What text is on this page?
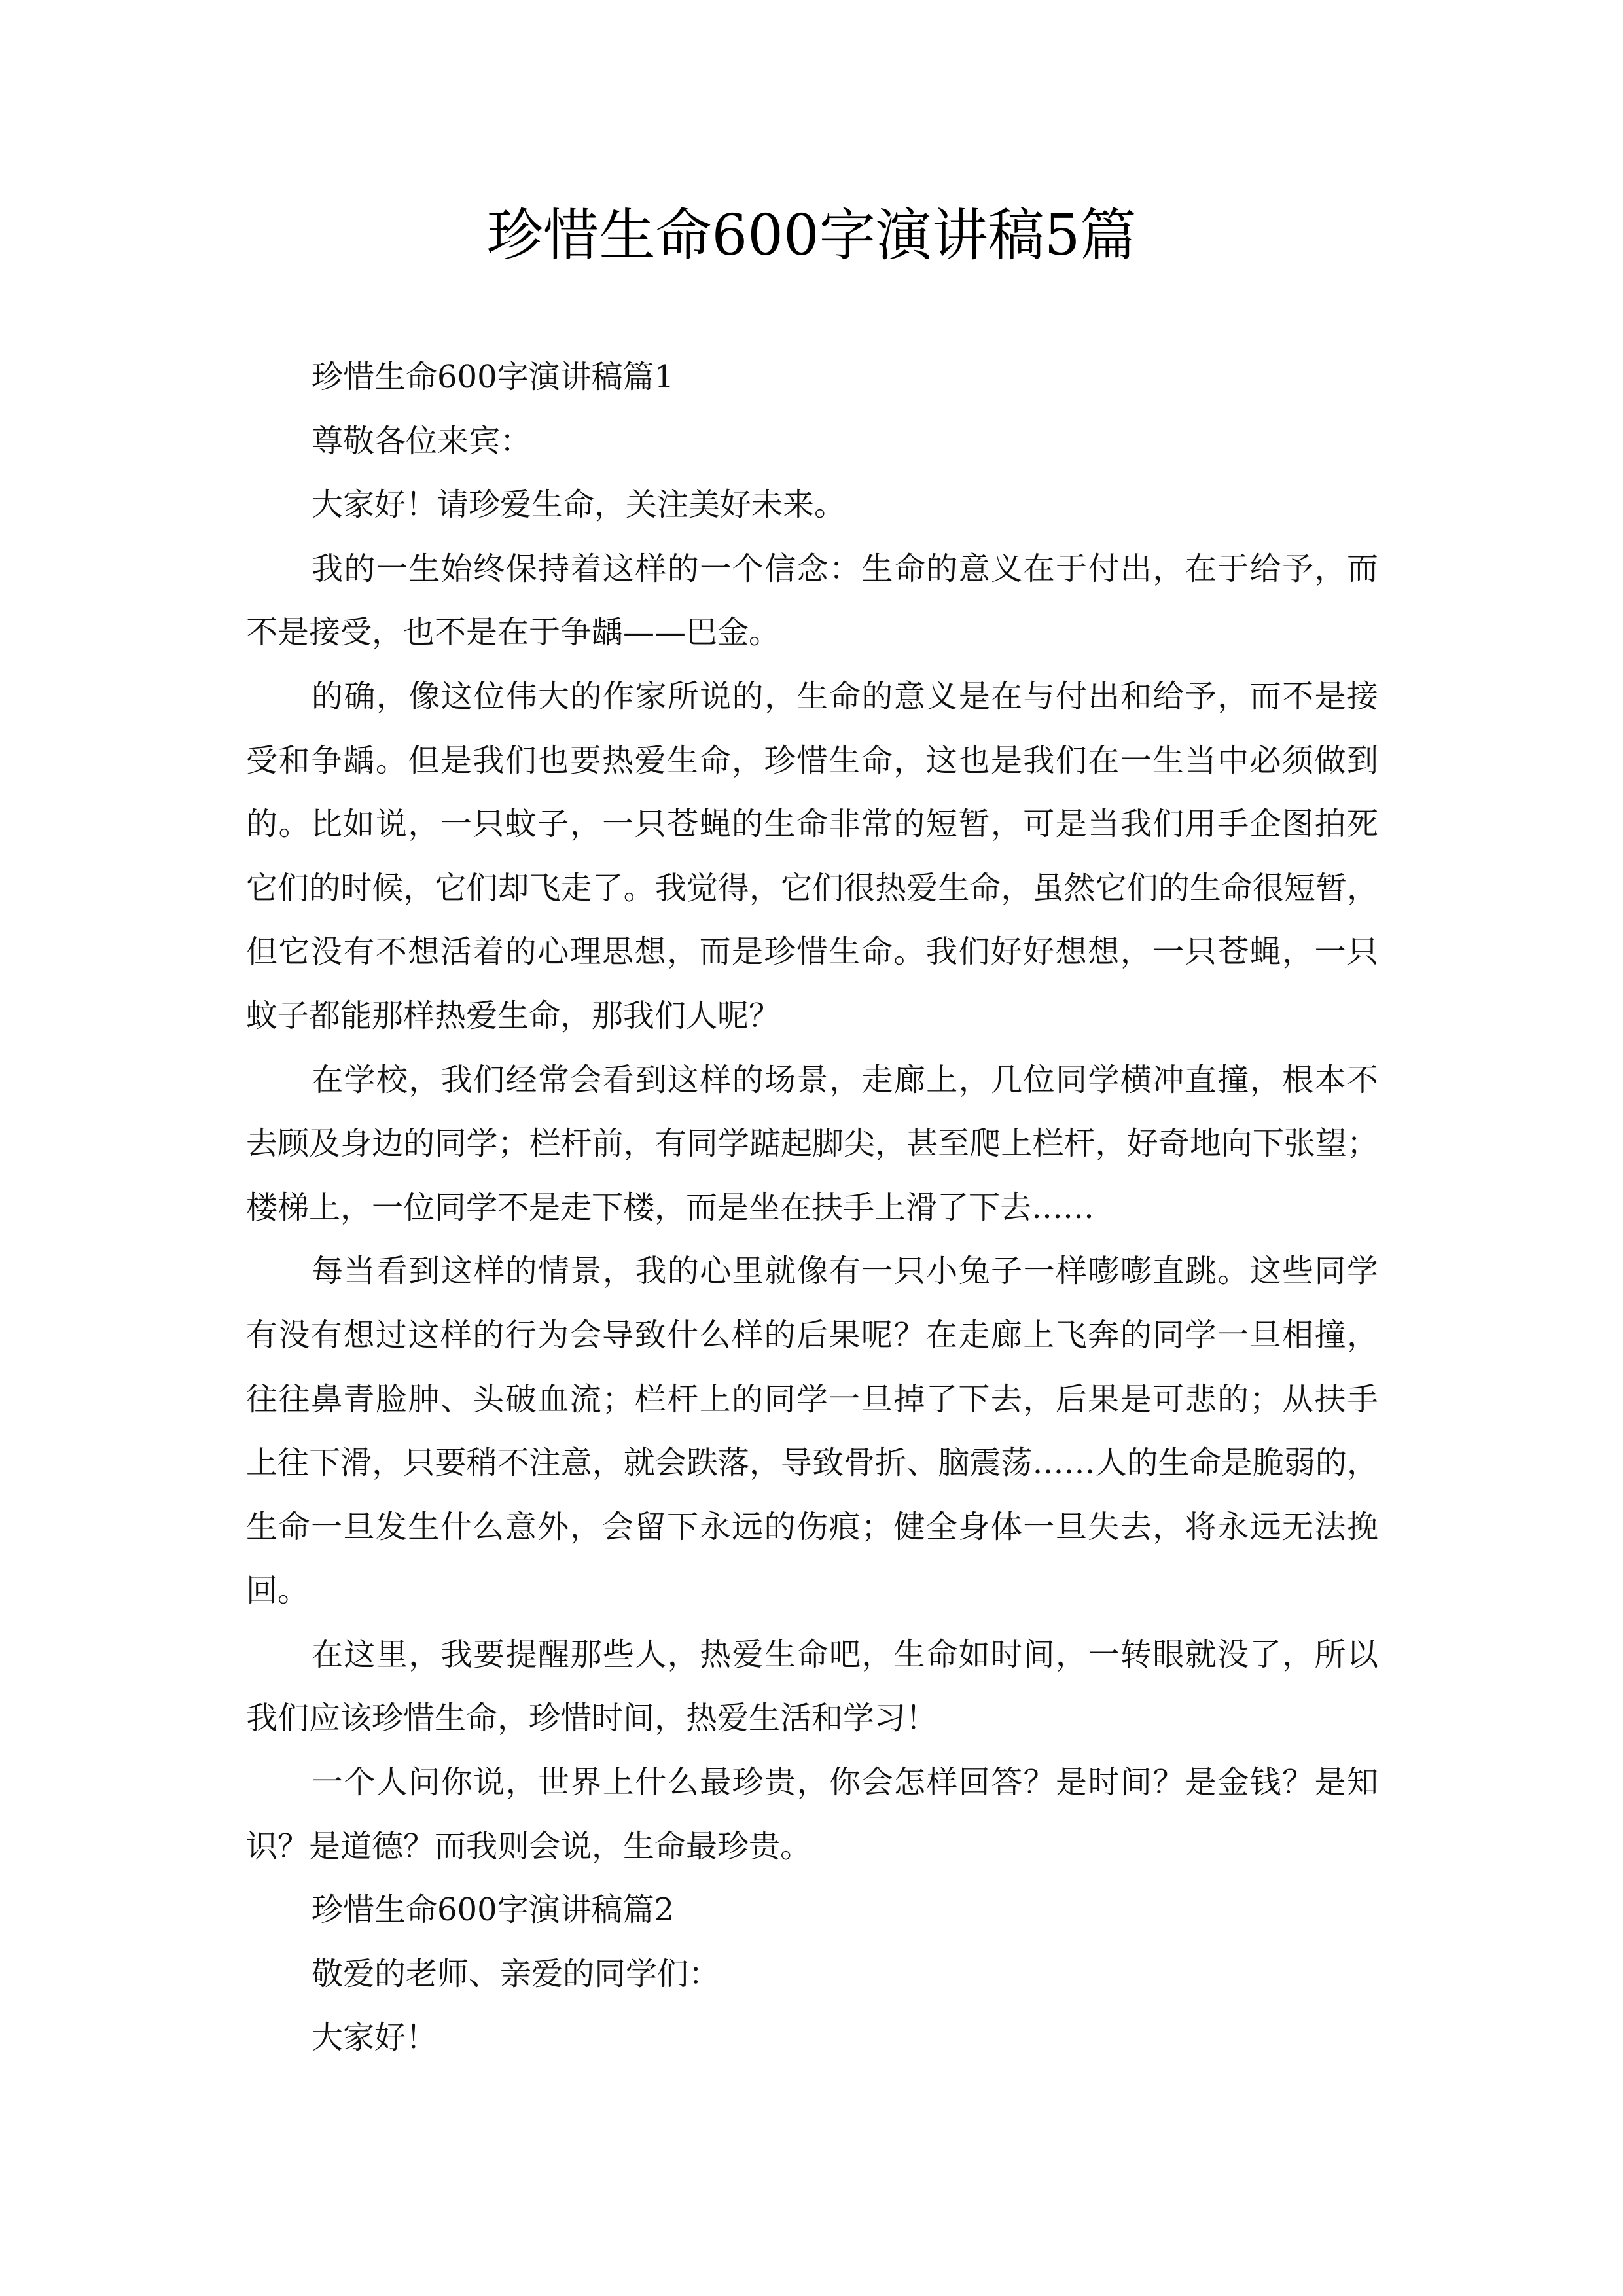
珍惜生命600字演讲稿5篇
珍惜生命600字演讲稿篇1
尊敬各位来宾：
大家好！请珍爱生命，关注美好未来。
我的一生始终保持着这样的一个信念：生命的意义在于付出，在于给予，而
不是接受，也不是在于争龋——巴金。
的确，像这位伟大的作家所说的，生命的意义是在与付出和给予，而不是接
受和争龋。但是我们也要热爱生命，珍惜生命，这也是我们在一生当中必须做到
的。比如说，一只蚊子，一只苍蝇的生命非常的短暂，可是当我们用手企图拍死
它们的时候，它们却飞走了。我觉得，它们很热爱生命，虽然它们的生命很短暂，
但它没有不想活着的心理思想，而是珍惜生命。我们好好想想，一只苍蝇，一只
蚊子都能那样热爱生命，那我们人呢？
在学校，我们经常会看到这样的场景，走廊上，几位同学横冲直撞，根本不
去顾及身边的同学；栏杆前，有同学踮起脚尖，甚至爬上栏杆，好奇地向下张望；
楼梯上，一位同学不是走下楼，而是坐在扶手上滑了下去……
每当看到这样的情景，我的心里就像有一只小兔子一样嘭嘭直跳。这些同学
有没有想过这样的行为会导致什么样的后果呢？在走廊上飞奔的同学一旦相撞，
往往鼻青脸肿、头破血流；栏杆上的同学一旦掉了下去，后果是可悲的；从扶手
上往下滑，只要稍不注意，就会跌落，导致骨折、脑震荡……人的生命是脆弱的，
生命一旦发生什么意外，会留下永远的伤痕；健全身体一旦失去，将永远无法挽
回。
在这里，我要提醒那些人，热爱生命吧，生命如时间，一转眼就没了，所以
我们应该珍惜生命，珍惜时间，热爱生活和学习！
一个人问你说，世界上什么最珍贵，你会怎样回答？是时间？是金钱？是知
识？是道德？而我则会说，生命最珍贵。
珍惜生命600字演讲稿篇2
敬爱的老师、亲爱的同学们：
大家好！
